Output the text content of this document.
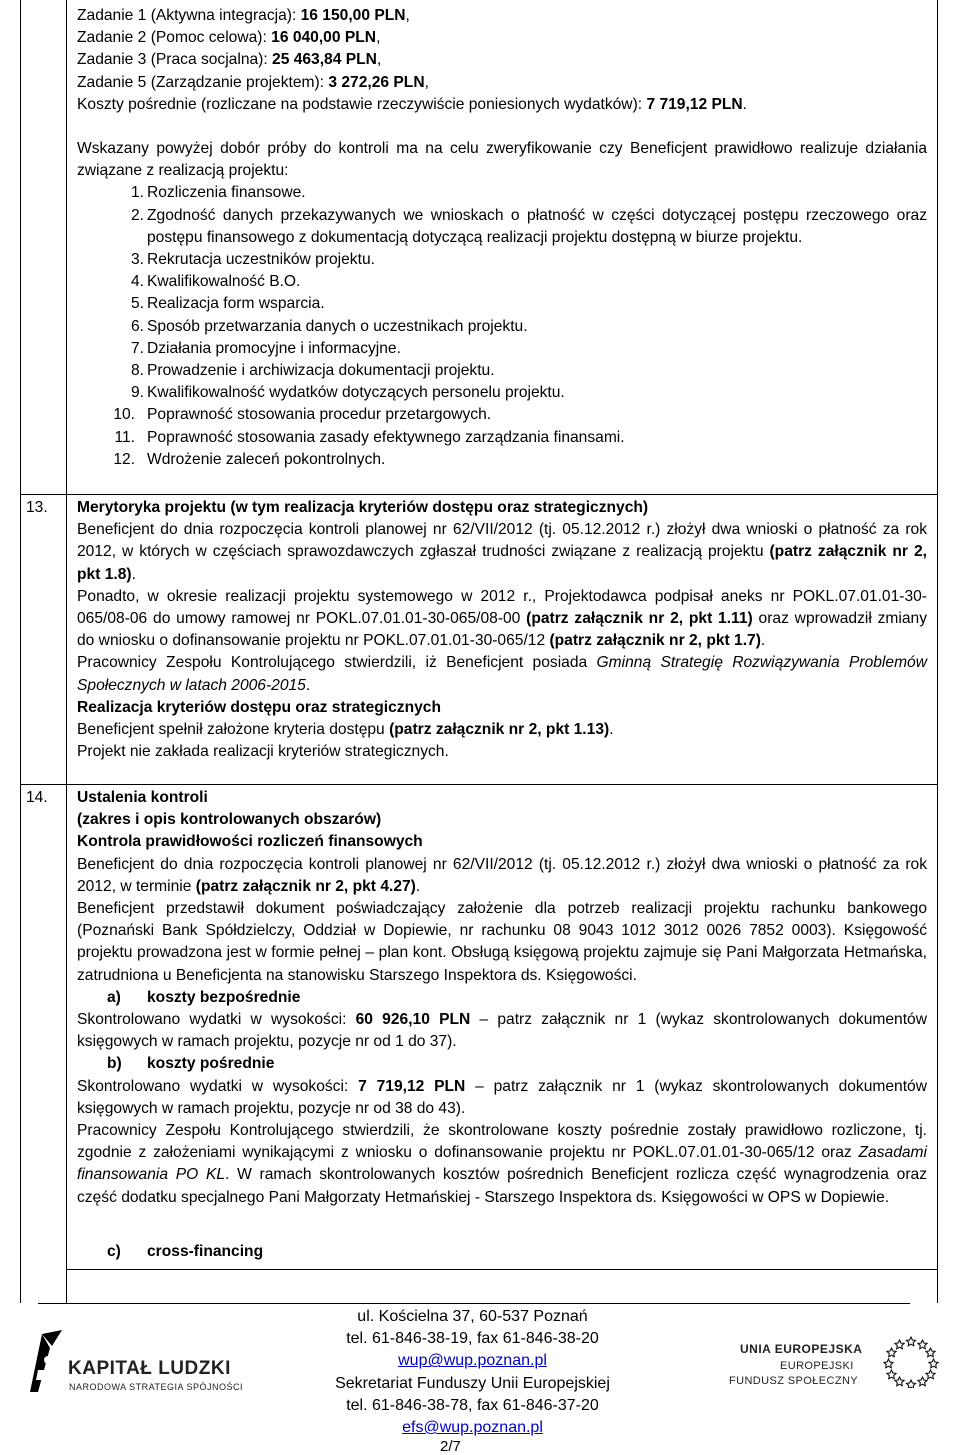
Zadanie 1 (Aktywna integracja): 16 150,00 PLN,

Zadanie 2 (Pomoc celowa): 16 040,00 PLN,

Zadanie 3 (Praca socjalna): 25 463,84 PLN,

Zadanie 5 (Zarządzanie projektem): 3 272,26 PLN,

Koszty pośrednie (rozliczane na podstawie rzeczywiście poniesionych wydatków): 7 719,12 PLN.

Wskazany powyżej dobór próby do kontroli ma na celu zweryfikowanie czy Beneficjent prawidłowo realizuje działania związane z realizacją projektu:

1. Rozliczenia finansowe.
2. Zgodność danych przekazywanych we wnioskach o płatność w części dotyczącej postępu rzeczowego oraz postępu finansowego z dokumentacją dotyczącą realizacji projektu dostępną w biurze projektu.
3. Rekrutacja uczestników projektu.
4. Kwalifikowalność B.O.
5. Realizacja form wsparcia.
6. Sposób przetwarzania danych o uczestnikach projektu.
7. Działania promocyjne i informacyjne.
8. Prowadzenie i archiwizacja dokumentacji projektu.
9. Kwalifikowalność wydatków dotyczących personelu projektu.
10. Poprawność stosowania procedur przetargowych.
11. Poprawność stosowania zasady efektywnego zarządzania finansami.
12. Wdrożenie zaleceń pokontrolnych.
13. Merytoryka projektu (w tym realizacja kryteriów dostępu oraz strategicznych)

Beneficjent do dnia rozpoczęcia kontroli planowej nr 62/VII/2012 (tj. 05.12.2012 r.) złożył dwa wnioski o płatność za rok 2012, w których w częściach sprawozdawczych zgłaszał trudności związane z realizacją projektu (patrz załącznik nr 2, pkt 1.8).

Ponadto, w okresie realizacji projektu systemowego w 2012 r., Projektodawca podpisał aneks nr POKL.07.01.01-30-065/08-06 do umowy ramowej nr POKL.07.01.01-30-065/08-00 (patrz załącznik nr 2, pkt 1.11) oraz wprowadził zmiany do wniosku o dofinansowanie projektu nr POKL.07.01.01-30-065/12 (patrz załącznik nr 2, pkt 1.7).

Pracownicy Zespołu Kontrolującego stwierdzili, iż Beneficjent posiada Gminną Strategię Rozwiązywania Problemów Społecznych w latach 2006-2015.

Realizacja kryteriów dostępu oraz strategicznych

Beneficjent spełnił założone kryteria dostępu (patrz załącznik nr 2, pkt 1.13).

Projekt nie zakłada realizacji kryteriów strategicznych.

14. Ustalenia kontroli

(zakres i opis kontrolowanych obszarów)

Kontrola prawidłowości rozliczeń finansowych

Beneficjent do dnia rozpoczęcia kontroli planowej nr 62/VII/2012 (tj. 05.12.2012 r.) złożył dwa wnioski o płatność za rok 2012, w terminie (patrz załącznik nr 2, pkt 4.27).

Beneficjent przedstawił dokument poświadczający założenie dla potrzeb realizacji projektu rachunku bankowego (Poznański Bank Spółdzielczy, Oddział w Dopiewie, nr rachunku 08 9043 1012 3012 0026 7852 0003). Księgowość projektu prowadzona jest w formie pełnej – plan kont. Obsługą księgową projektu zajmuje się Pani Małgorzata Hetmańska, zatrudniona u Beneficjenta na stanowisku Starszego Inspektora ds. Księgowości.

a) koszty bezpośrednie

Skontrolowano wydatki w wysokości: 60 926,10 PLN – patrz załącznik nr 1 (wykaz skontrolowanych dokumentów księgowych w ramach projektu, pozycje nr od 1 do 37).

b) koszty pośrednie

Skontrolowano wydatki w wysokości: 7 719,12 PLN – patrz załącznik nr 1 (wykaz skontrolowanych dokumentów księgowych w ramach projektu, pozycje nr od 38 do 43).

Pracownicy Zespołu Kontrolującego stwierdzili, że skontrolowane koszty pośrednie zostały prawidłowo rozliczone, tj. zgodnie z założeniami wynikającymi z wniosku o dofinansowanie projektu nr POKL.07.01.01-30-065/12 oraz Zasadami finansowania PO KL. W ramach skontrolowanych kosztów pośrednich Beneficjent rozlicza część wynagrodzenia oraz część dodatku specjalnego Pani Małgorzaty Hetmańskiej - Starszego Inspektora ds. Księgowości w OPS w Dopiewie.

c) cross-financing

KAPITAŁ LUDZKI
NARODOWA STRATEGIA SPÓJNOŚCI
ul. Kościelna 37, 60-537 Poznań
tel. 61-846-38-19, fax 61-846-38-20
wup@wup.poznan.pl
Sekretariat Funduszy Unii Europejskiej
tel. 61-846-38-78, fax 61-846-37-20
efs@wup.poznan.pl
2/7
UNIA EUROPEJSKA
EUROPEJSKI
FUNDUSZ SPOŁECZNY
